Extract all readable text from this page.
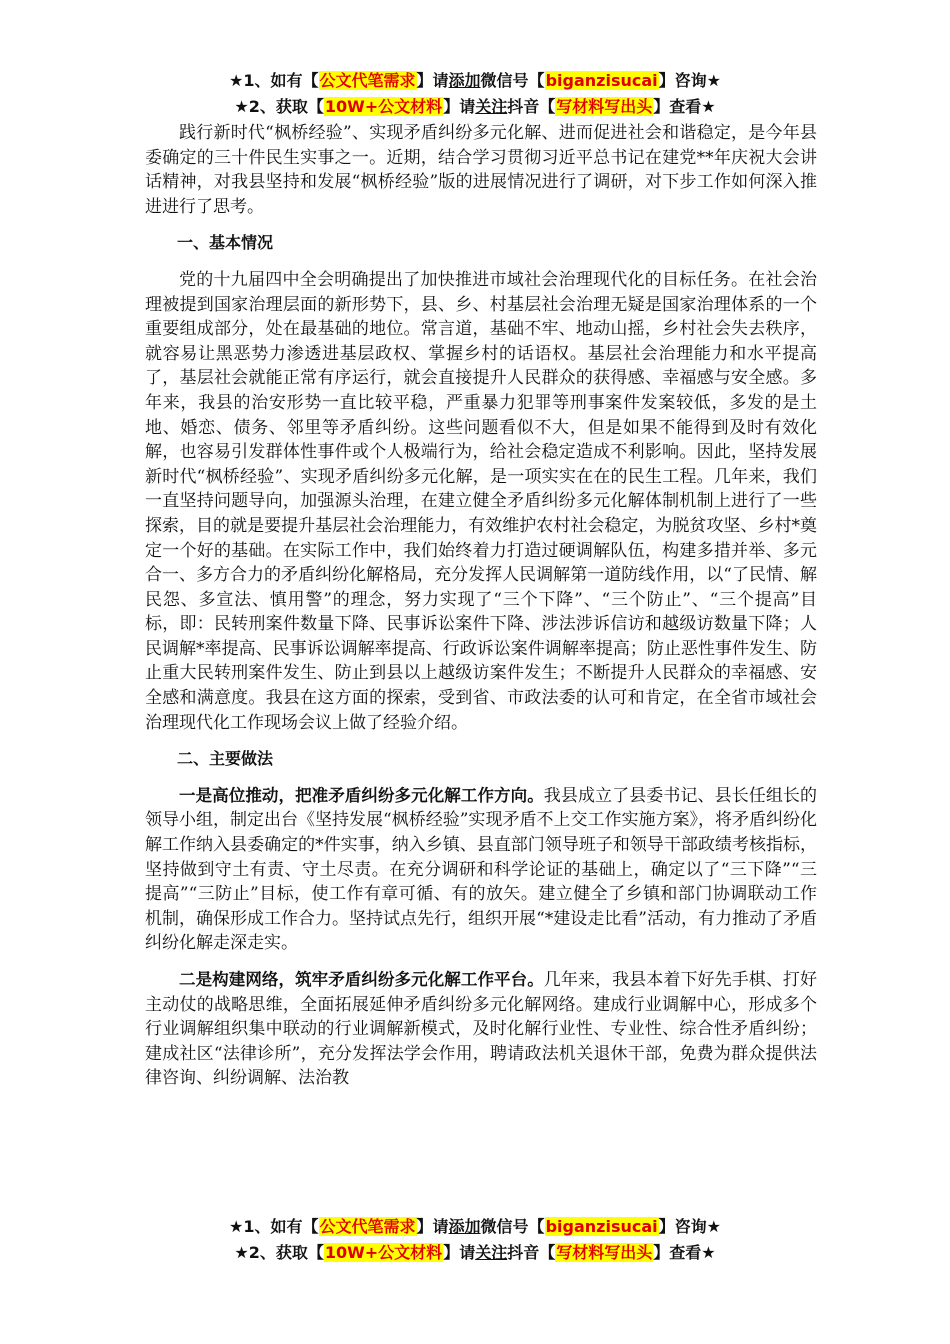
★1、如有【公文代笔需求】请添加微信号【biganzisucai】咨询★
★2、获取【10W+公文材料】请关注抖音【写材料写出头】查看★

践行新时代“枫桥经验”、实现矛盾纠纷多元化解、进而促进社会和谐稳定，是今年县委确定的三十件民生实事之一。近期，结合学习贯彻习近平总书记在建党**年庆祝大会讲话精神，对我县坚持和发展“枫桥经验”版的进展情况进行了调研，对下步工作如何深入推进进行了思考。

一、基本情况

党的十九届四中全会明确提出了加快推进市域社会治理现代化的目标任务。在社会治理被提到国家治理层面的新形势下，县、乡、村基层社会治理无疑是国家治理体系的一个重要组成部分，处在最基础的地位。常言道，基础不牢、地动山摇，乡村社会失去秩序，就容易让黑恶势力渗透进基层政权、掌握乡村的话语权。基层社会治理能力和水平提高了，基层社会就能正常有序运行，就会直接提升人民群众的获得感、幸福感与安全感。多年来，我县的治安形势一直比较平稳，严重暴力犯罪等刑事案件发案较低，多发的是土地、婚恋、债务、邻里等矛盾纠纷。这些问题看似不大，但是如果不能得到及时有效化解，也容易引发群体性事件或个人极端行为，给社会稳定造成不利影响。因此，坚持发展新时代“枫桥经验”、实现矛盾纠纷多元化解，是一项实实在在的民生工程。几年来，我们一直坚持问题导向，加强源头治理，在建立健全矛盾纠纷多元化解体制机制上进行了一些探索，目的就是要提升基层社会治理能力，有效维护农村社会稳定，为脱贫攻坚、乡村*奠定一个好的基础。在实际工作中，我们始终着力打造过硬调解队伍，构建多措并举、多元合一、多方合力的矛盾纠纷化解格局，充分发挥人民调解第一道防线作用，以“了民情、解民怨、多宣法、慎用警”的理念，努力实现了“三个下降”、“三个防止”、“三个提高”目标，即：民转刑案件数量下降、民事诉讼案件下降、涉法涉诉信访和越级访数量下降；人民调解*率提高、民事诉讼调解率提高、行政诉讼案件调解率提高；防止恶性事件发生、防止重大民转刑案件发生、防止到县以上越级访案件发生；不断提升人民群众的幸福感、安全感和满意度。我县在这方面的探索，受到省、市政法委的认可和肯定，在全省市域社会治理现代化工作现场会议上做了经验介绍。

二、主要做法

一是高位推动，把准矛盾纠纷多元化解工作方向。我县成立了县委书记、县长任组长的领导小组，制定出台《坚持发展“枫桥经验”实现矛盾不上交工作实施方案》，将矛盾纠纷化解工作纳入县委确定的*件实事，纳入乡镇、县直部门领导班子和领导干部政绩考核指标，坚持做到守土有责、守土尽责。在充分调研和科学论证的基础上，确定以了“三下降”“三提高”“三防止”目标，使工作有章可循、有的放矢。建立健全了乡镇和部门协调联动工作机制，确保形成工作合力。坚持试点先行，组织开展“*建设走比看”活动，有力推动了矛盾纠纷化解走深走实。

二是构建网络，筑牢矛盾纠纷多元化解工作平台。几年来，我县本着下好先手棋、打好主动仗的战略思维，全面拓展延伸矛盾纠纷多元化解网络。建成行业调解中心，形成多个行业调解组织集中联动的行业调解新模式，及时化解行业性、专业性、综合性矛盾纠纷；建成社区“法律诊所”，充分发挥法学会作用，聘请政法机关退休干部，免费为群众提供法律咨询、纠纷调解、法治教

★1、如有【公文代笔需求】请添加微信号【biganzisucai】咨询★
★2、获取【10W+公文材料】请关注抖音【写材料写出头】查看★
